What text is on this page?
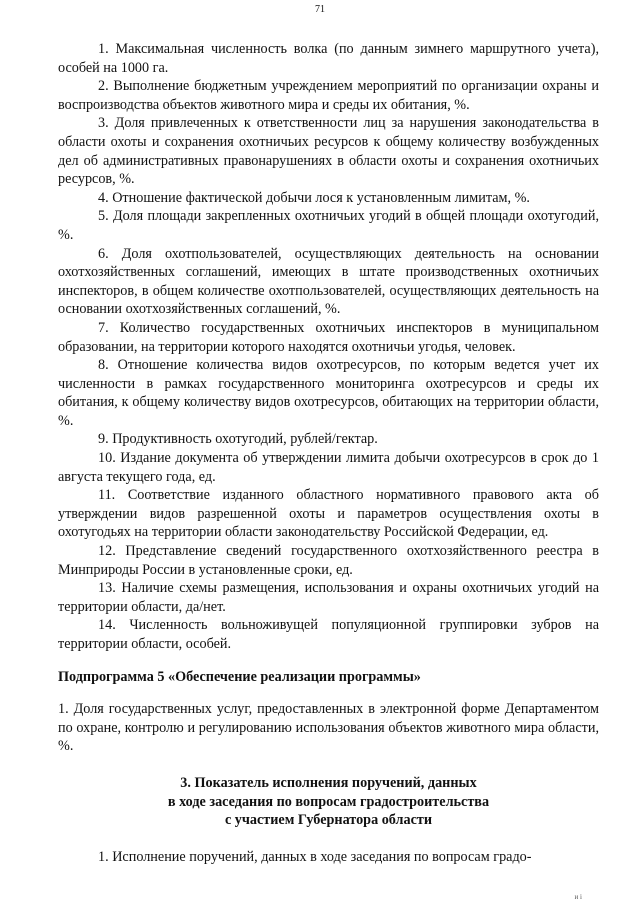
71

1. Максимальная численность волка (по данным зимнего маршрутного учета), особей на 1000 га.

2. Выполнение бюджетным учреждением мероприятий по организации охраны и воспроизводства объектов животного мира и среды их обитания, %.

3. Доля привлеченных к ответственности лиц за нарушения законодательства в области охоты и сохранения охотничьих ресурсов к общему количеству возбужденных дел об административных правонарушениях в области охоты и сохранения охотничьих ресурсов, %.

4. Отношение фактической добычи лося к установленным лимитам, %.

5. Доля площади закрепленных охотничьих угодий в общей площади охотугодий, %.

6. Доля охотпользователей, осуществляющих деятельность на основании охотхозяйственных соглашений, имеющих в штате производственных охотничьих инспекторов, в общем количестве охотпользователей, осуществляющих деятельность на основании охотхозяйственных соглашений, %.

7. Количество государственных охотничьих инспекторов в муниципальном образовании, на территории которого находятся охотничьи угодья, человек.

8. Отношение количества видов охотресурсов, по которым ведется учет их численности в рамках государственного мониторинга охотресурсов и среды их обитания, к общему количеству видов охотресурсов, обитающих на территории области, %.

9. Продуктивность охотугодий, рублей/гектар.

10. Издание документа об утверждении лимита добычи охотресурсов в срок до 1 августа текущего года, ед.

11. Соответствие изданного областного нормативного правового акта об утверждении видов разрешенной охоты и параметров осуществления охоты в охотугодьях на территории области законодательству Российской Федерации, ед.

12. Представление сведений государственного охотхозяйственного реестра в Минприроды России в установленные сроки, ед.

13. Наличие схемы размещения, использования и охраны охотничьих угодий на территории области, да/нет.

14. Численность вольноживущей популяционной группировки зубров на территории области, особей.

Подпрограмма 5 «Обеспечение реализации программы»

1. Доля государственных услуг, предоставленных в электронной форме Департаментом по охране, контролю и регулированию использования объектов животного мира области, %.

3. Показатель исполнения поручений, данных
в ходе заседания по вопросам градостроительства
с участием Губернатора области

1. Исполнение поручений, данных в ходе заседания по вопросам градо-

и і
